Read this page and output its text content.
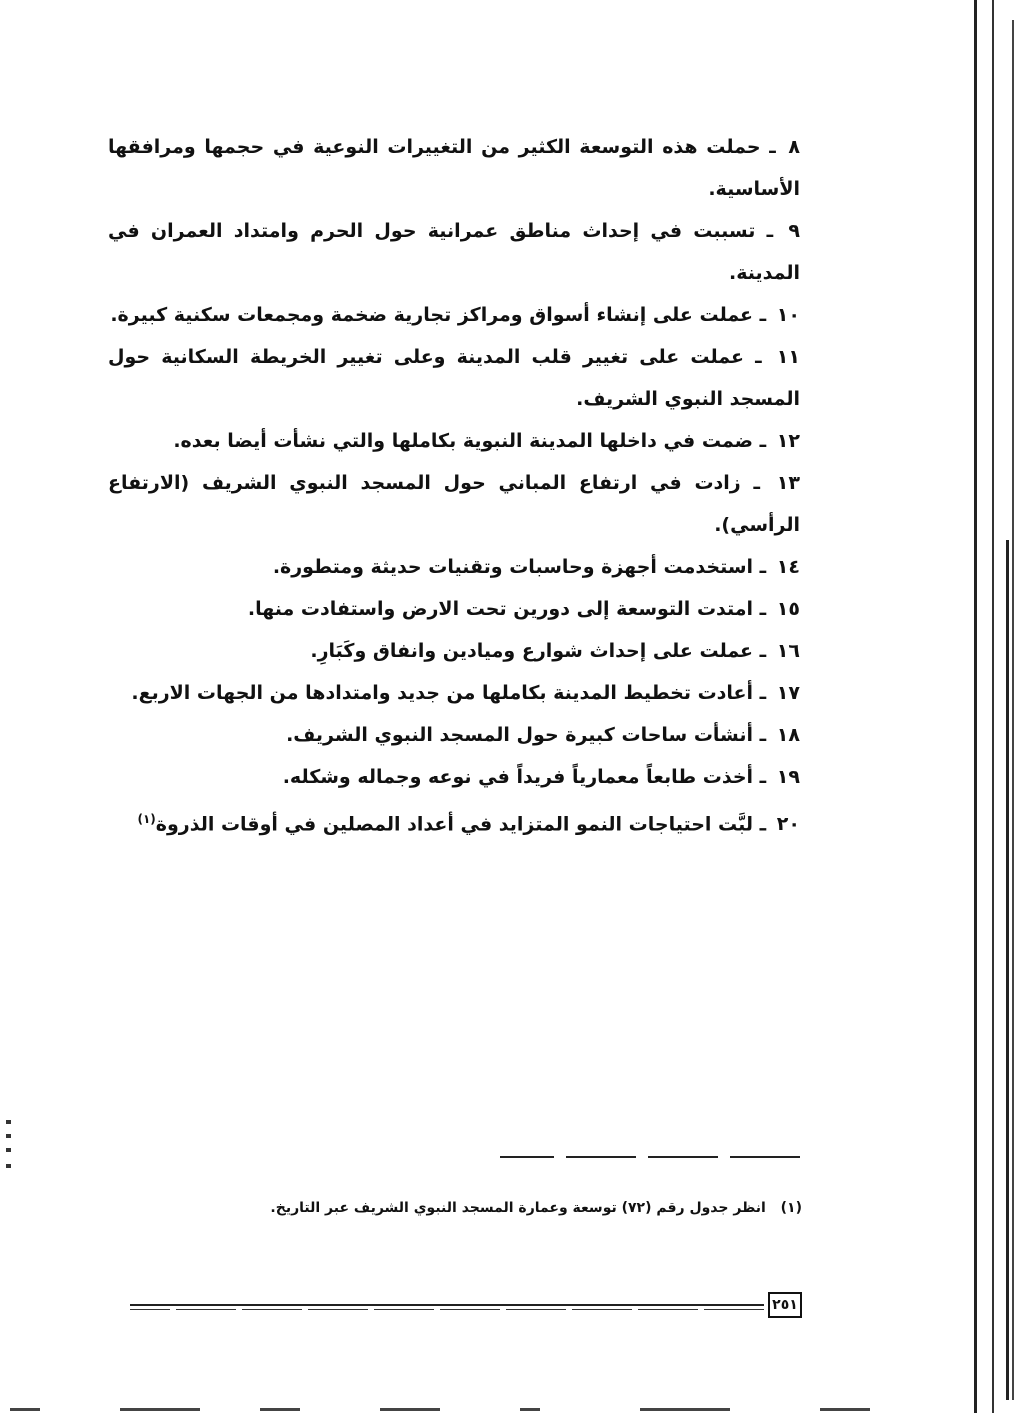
٨ ـ حملت هذه التوسعة الكثير من التغييرات النوعية في حجمها ومرافقها الأساسية.

٩ ـ تسببت في إحداث مناطق عمرانية حول الحرم وامتداد العمران في المدينة.

١٠ ـ عملت على إنشاء أسواق ومراكز تجارية ضخمة ومجمعات سكنية كبيرة.

١١ ـ عملت على تغيير قلب المدينة وعلى تغيير الخريطة السكانية حول المسجد النبوي الشريف.

١٢ ـ ضمت في داخلها المدينة النبوية بكاملها والتي نشأت أيضا بعده.

١٣ ـ زادت في ارتفاع المباني حول المسجد النبوي الشريف (الارتفاع الرأسي).

١٤ ـ استخدمت أجهزة وحاسبات وتقنيات حديثة ومتطورة.

١٥ ـ امتدت التوسعة إلى دورين تحت الارض واستفادت منها.

١٦ ـ عملت على إحداث شوارع وميادين وانفاق وكَبَارِ.

١٧ ـ أعادت تخطيط المدينة بكاملها من جديد وامتدادها من الجهات الاربع.

١٨ ـ أنشأت ساحات كبيرة حول المسجد النبوي الشريف.

١٩ ـ أخذت طابعاً معمارياً فريداً في نوعه وجماله وشكله.

٢٠ ـ لبَّت احتياجات النمو المتزايد في أعداد المصلين في أوقات الذروة$^{(١)}$

(١) انظر جدول رقم (٧٢) توسعة وعمارة المسجد النبوي الشريف عبر التاريخ.
٢٥١
